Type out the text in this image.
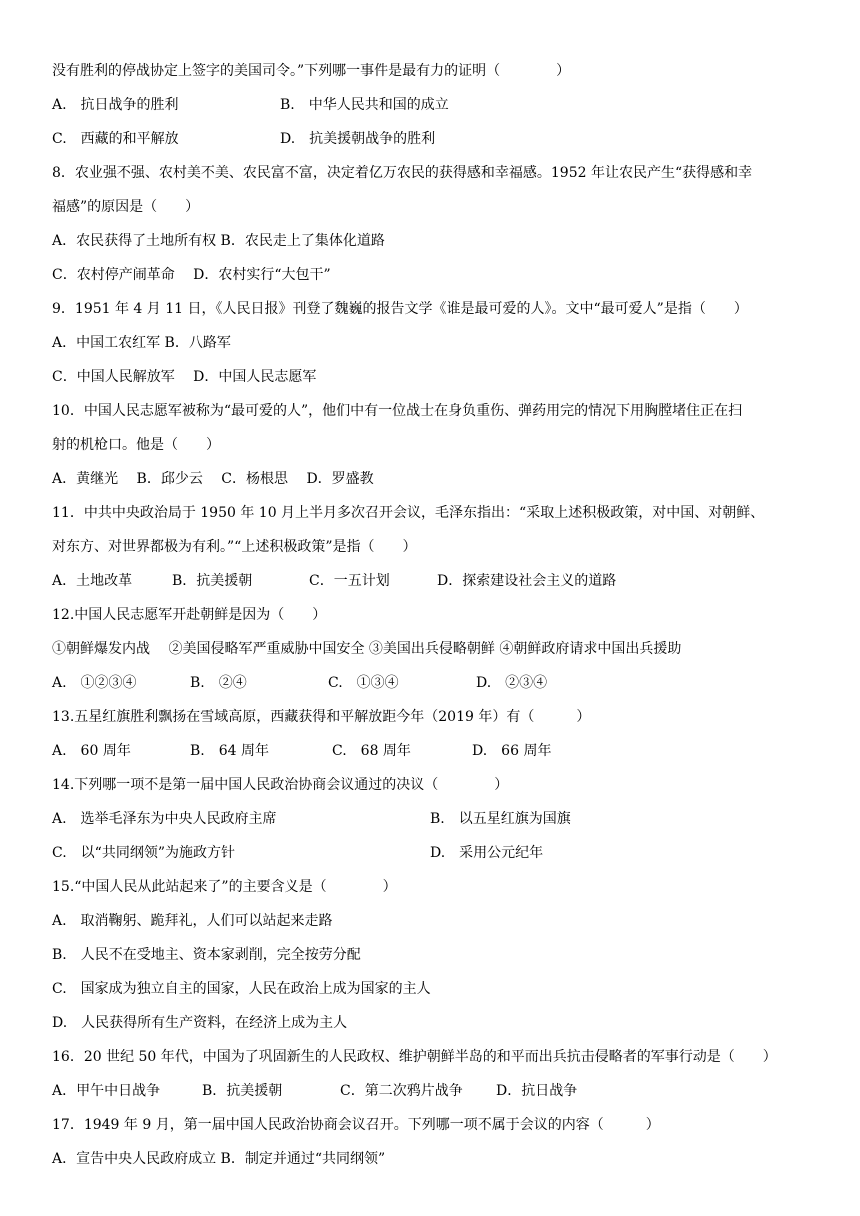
没有胜利的停战协定上签字的美国司令。”下列哪一事件是最有力的证明（　　　　）
A.　抗日战争的胜利	B.　中华人民共和国的成立
C.　西藏的和平解放	D.　抗美援朝战争的胜利
8．农业强不强、农村美不美、农民富不富，决定着亿万农民的获得感和幸福感。1952 年让农民产生“获得感和幸
福感”的原因是（　　）
A．农民获得了土地所有权 B．农民走上了集体化道路
C．农村停产闹革命　 D．农村实行“大包干”
9．1951 年 4 月 11 日，《人民日报》刊登了魏巍的报告文学《谁是最可爱的人》。文中“最可爱人”是指（　　）
A．中国工农红军 B．八路军
C．中国人民解放军　 D．中国人民志愿军
10．中国人民志愿军被称为“最可爱的人”，他们中有一位战士在身负重伤、弹药用完的情况下用胸膛堵住正在扫
射的机枪口。他是（　　）
A．黄继光　 B．邱少云　 C．杨根思　 D．罗盛教
11．中共中央政治局于 1950 年 10 月上半月多次召开会议，毛泽东指出：“采取上述积极政策，对中国、对朝鲜、
对东方、对世界都极为有利。”“上述积极政策”是指（　　）
A．土地改革	B．抗美援朝	C．一五计划	D．探索建设社会主义的道路
12.中国人民志愿军开赴朝鲜是因为（　　）
①朝鲜爆发内战　 ②美国侵略军严重威胁中国安全 ③美国出兵侵略朝鲜 ④朝鲜政府请求中国出兵援助
A.　①②③④	B.　②④	C.　①③④	D.　②③④
13.五星红旗胜利飘扬在雪域高原，西藏获得和平解放距今年（2019 年）有（　　　）
A.　60 周年	B.　64 周年	C.　68 周年	D.　66 周年
14.下列哪一项不是第一届中国人民政治协商会议通过的决议（　　　　）
A.　选举毛泽东为中央人民政府主席	B.　以五星红旗为国旗
C.　以“共同纲领”为施政方针	D.　采用公元纪年
15.“中国人民从此站起来了”的主要含义是（　　　　）
A.　取消鞠躬、跪拜礼，人们可以站起来走路
B.　人民不在受地主、资本家剥削，完全按劳分配
C.　国家成为独立自主的国家，人民在政治上成为国家的主人
D.　人民获得所有生产资料，在经济上成为主人
16．20 世纪 50 年代，中国为了巩固新生的人民政权、维护朝鲜半岛的和平而出兵抗击侵略者的军事行动是（　　）
A．甲午中日战争	B．抗美援朝	C．第二次鸦片战争 D．抗日战争
17．1949 年 9 月，第一届中国人民政治协商会议召开。下列哪一项不属于会议的内容（　　　）
A．宣告中央人民政府成立 B．制定并通过“共同纲领”
